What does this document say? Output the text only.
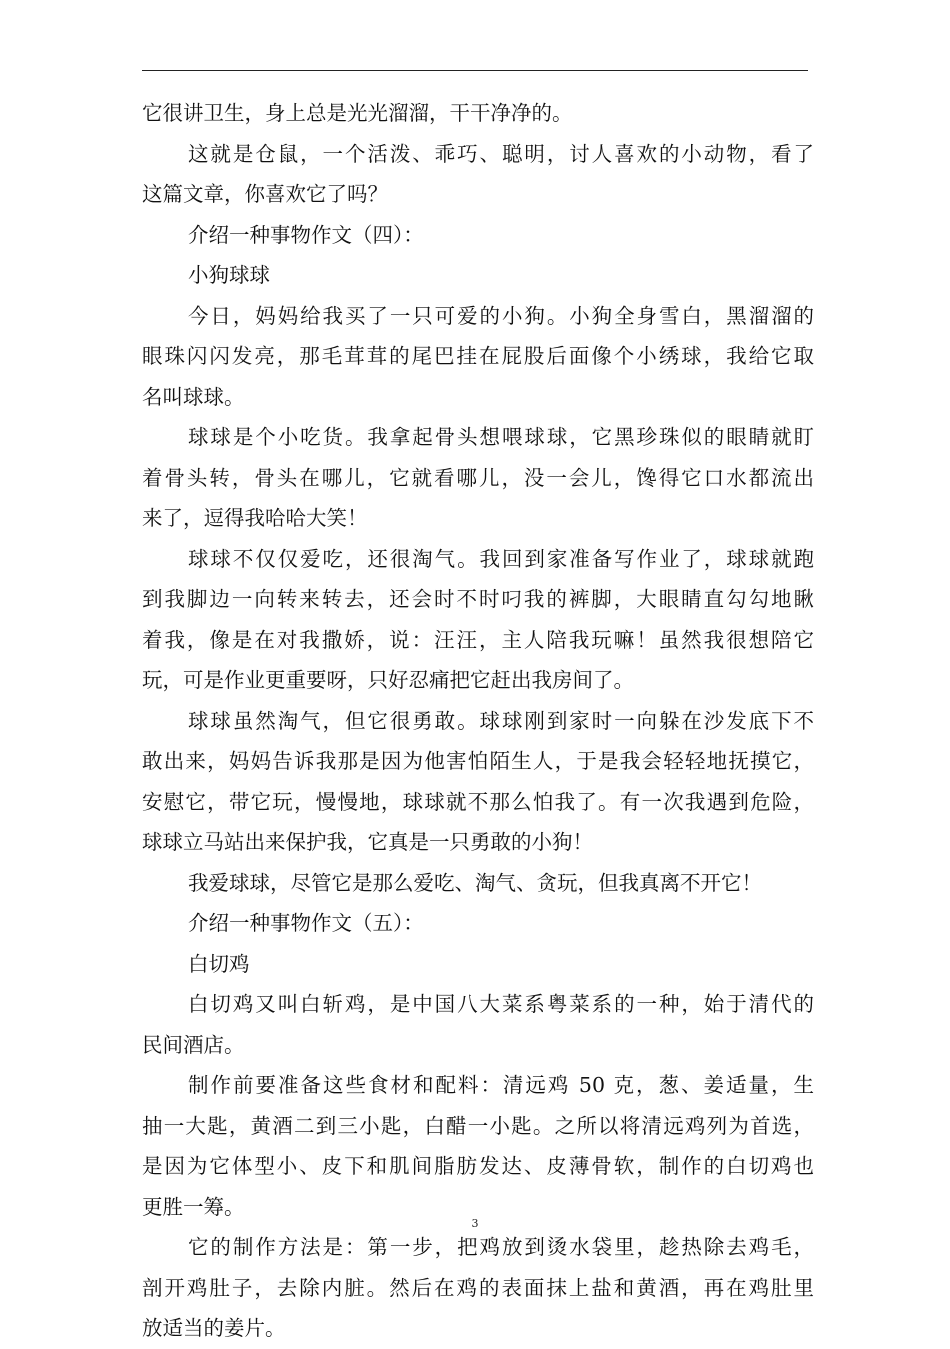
它很讲卫生，身上总是光光溜溜，干干净净的。
这就是仓鼠，一个活泼、乖巧、聪明，讨人喜欢的小动物，看了
这篇文章，你喜欢它了吗？
介绍一种事物作文（四）：
小狗球球
今日，妈妈给我买了一只可爱的小狗。小狗全身雪白，黑溜溜的
眼珠闪闪发亮，那毛茸茸的尾巴挂在屁股后面像个小绣球，我给它取
名叫球球。
球球是个小吃货。我拿起骨头想喂球球，它黑珍珠似的眼睛就盯
着骨头转，骨头在哪儿，它就看哪儿，没一会儿，馋得它口水都流出
来了，逗得我哈哈大笑！
球球不仅仅爱吃，还很淘气。我回到家准备写作业了，球球就跑
到我脚边一向转来转去，还会时不时叼我的裤脚，大眼睛直勾勾地瞅
着我，像是在对我撒娇，说：汪汪，主人陪我玩嘛！虽然我很想陪它
玩，可是作业更重要呀，只好忍痛把它赶出我房间了。
球球虽然淘气，但它很勇敢。球球刚到家时一向躲在沙发底下不
敢出来，妈妈告诉我那是因为他害怕陌生人，于是我会轻轻地抚摸它，
安慰它，带它玩，慢慢地，球球就不那么怕我了。有一次我遇到危险，
球球立马站出来保护我，它真是一只勇敢的小狗！
我爱球球，尽管它是那么爱吃、淘气、贪玩，但我真离不开它！
介绍一种事物作文（五）：
白切鸡
白切鸡又叫白斩鸡，是中国八大菜系粤菜系的一种，始于清代的
民间酒店。
制作前要准备这些食材和配料：清远鸡 50 克，葱、姜适量，生
抽一大匙，黄酒二到三小匙，白醋一小匙。之所以将清远鸡列为首选，
是因为它体型小、皮下和肌间脂肪发达、皮薄骨软，制作的白切鸡也
更胜一筹。
它的制作方法是：第一步，把鸡放到烫水袋里，趁热除去鸡毛，
剖开鸡肚子，去除内脏。然后在鸡的表面抹上盐和黄酒，再在鸡肚里
放适当的姜片。
3
